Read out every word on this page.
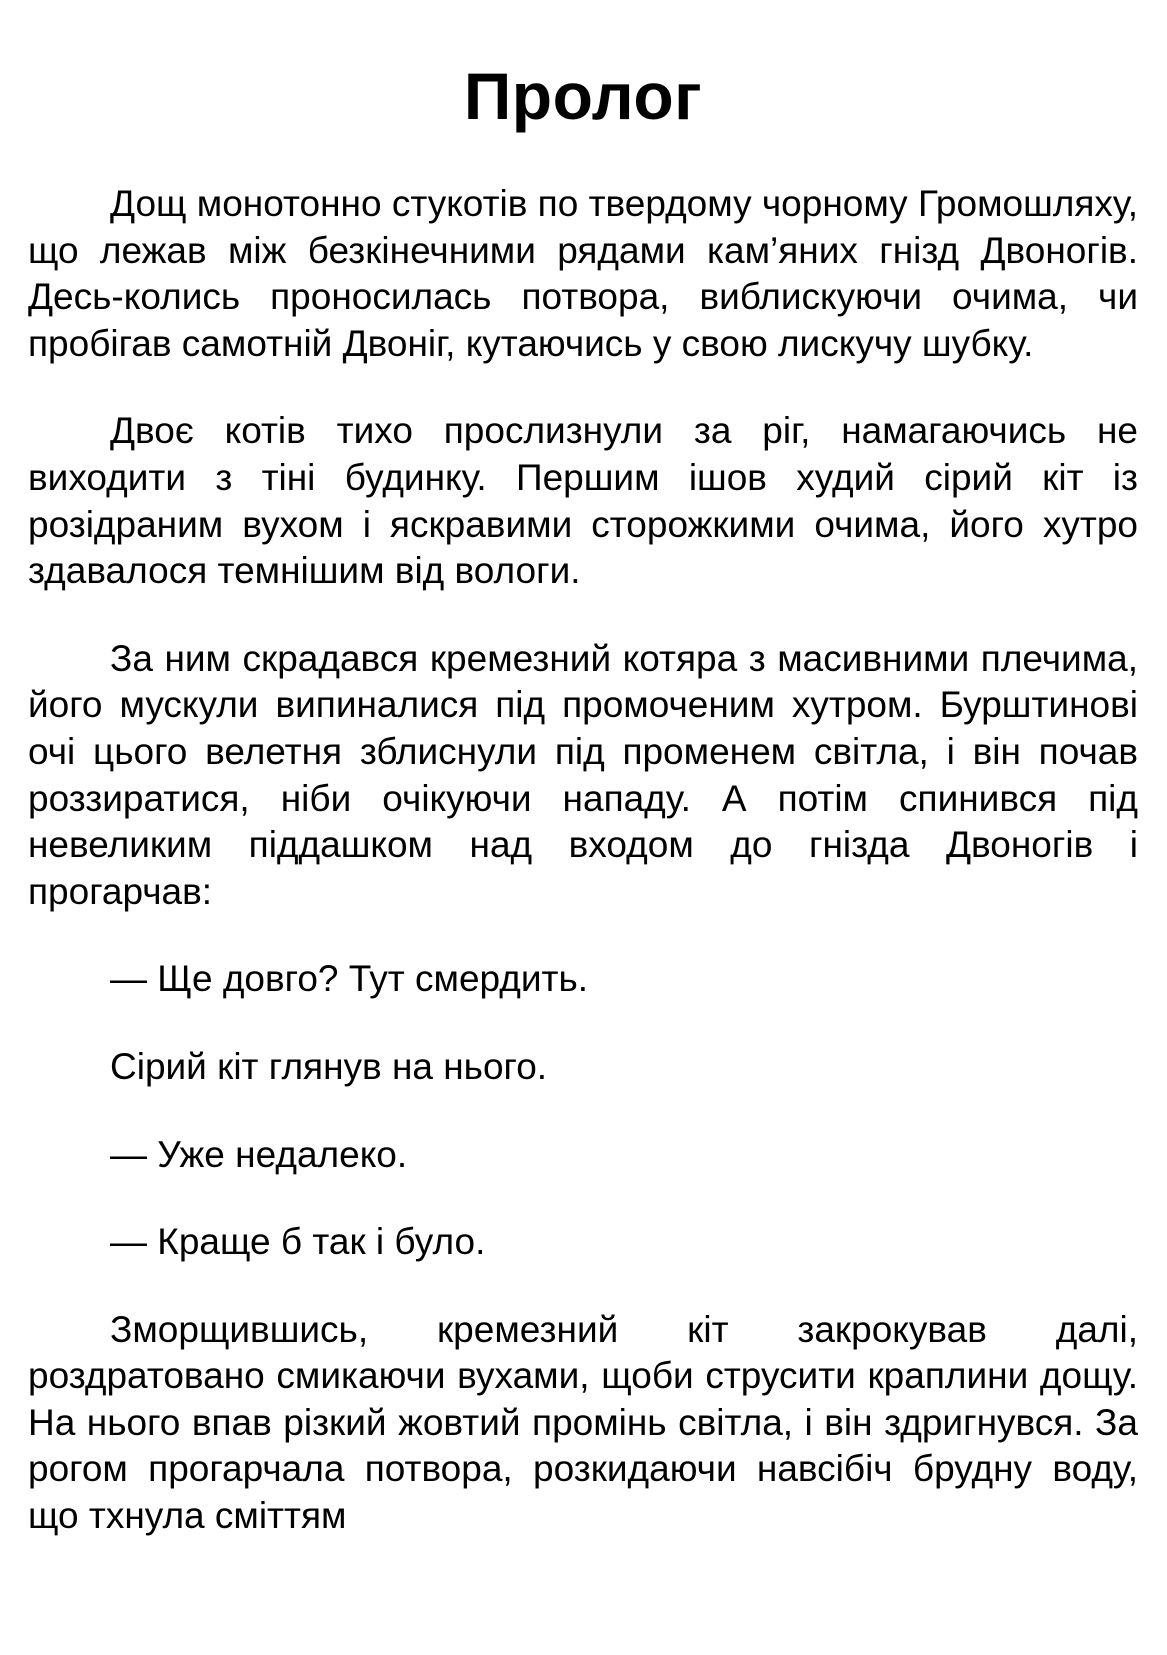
Пролог

Дощ монотонно стукотів по твердому чорному Громошляху, що лежав між безкінечними рядами кам’яних гнізд Двоногів. Десь-колись проносилась потвора, виблискуючи очима, чи пробігав самотній Двоніг, кутаючись у свою лискучу шубку.

Двоє котів тихо прослизнули за ріг, намагаючись не виходити з тіні будинку. Першим ішов худий сірий кіт із розідраним вухом і яскравими сторожкими очима, його хутро здавалося темнішим від вологи.

За ним скрадався кремезний котяра з масивними плечима, його мускули випиналися під промоченим хутром. Бурштинові очі цього велетня зблиснули під променем світла, і він почав роззиратися, ніби очікуючи нападу. А потім спинився під невеликим піддашком над входом до гнізда Двоногів і прогарчав:

— Ще довго? Тут смердить.

Сірий кіт глянув на нього.

— Уже недалеко.

— Краще б так і було.

Зморщившись, кремезний кіт закрокував далі, роздратовано смикаючи вухами, щоби струсити краплини дощу. На нього впав різкий жовтий промінь світла, і він здригнувся. За рогом прогарчала потвора, розкидаючи навсібіч брудну воду, що тхнула сміттям
